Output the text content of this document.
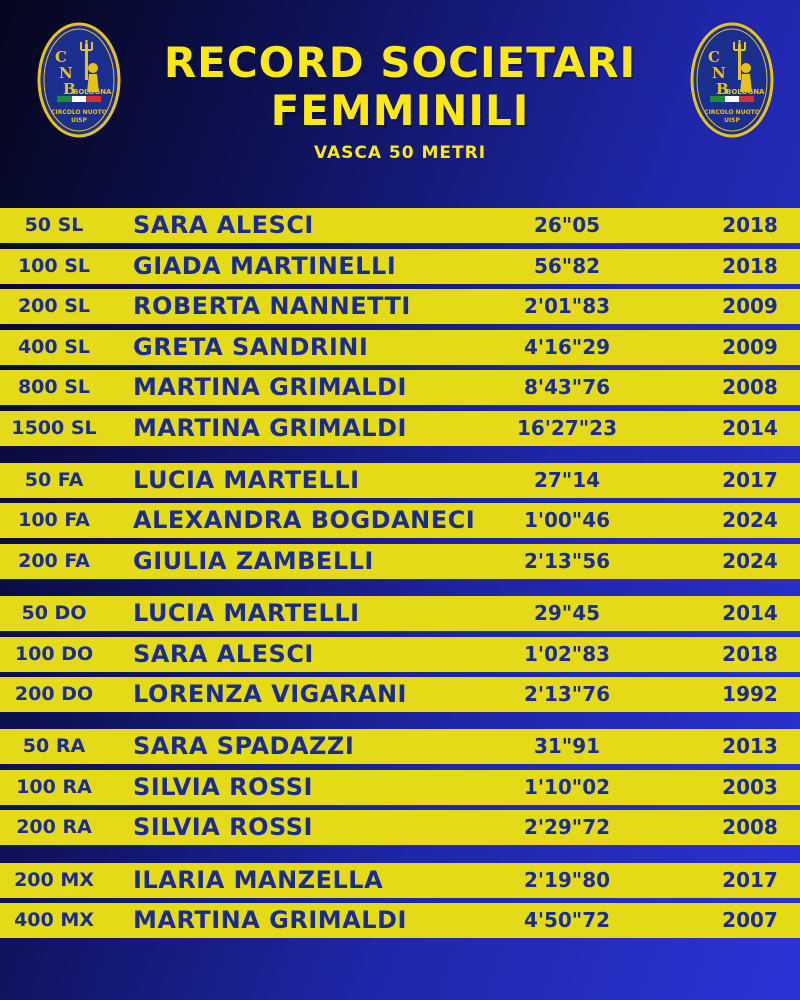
C
N
B
BOLOGNA
CIRCOLO NUOTO
UISP
C
N
B
BOLOGNA
CIRCOLO NUOTO
UISP
RECORD SOCIETARI
FEMMINILI
VASCA 50 METRI
50 SL	SARA ALESCI	26"05	2018
100 SL	GIADA MARTINELLI	56"82	2018
200 SL	ROBERTA NANNETTI	2'01"83	2009
400 SL	GRETA SANDRINI	4'16"29	2009
800 SL	MARTINA GRIMALDI	8'43"76	2008
1500 SL	MARTINA GRIMALDI	16'27"23	2014
50 FA	LUCIA MARTELLI	27"14	2017
100 FA	ALEXANDRA BOGDANECI	1'00"46	2024
200 FA	GIULIA ZAMBELLI	2'13"56	2024
50 DO	LUCIA MARTELLI	29"45	2014
100 DO	SARA ALESCI	1'02"83	2018
200 DO	LORENZA VIGARANI	2'13"76	1992
50 RA	SARA SPADAZZI	31"91	2013
100 RA	SILVIA ROSSI	1'10"02	2003
200 RA	SILVIA ROSSI	2'29"72	2008
200 MX	ILARIA MANZELLA	2'19"80	2017
400 MX	MARTINA GRIMALDI	4'50"72	2007
